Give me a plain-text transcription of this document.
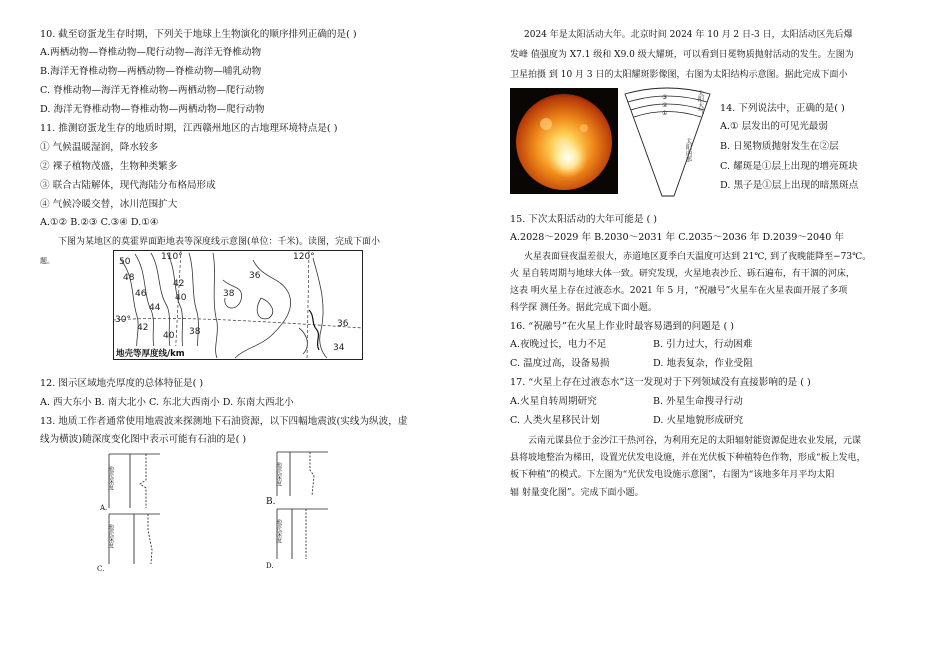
10. 截至窃蛋龙生存时期，下列关于地球上生物演化的顺序排列正确的是( )
A.两栖动物—脊椎动物—爬行动物—海洋无脊椎动物
B.海洋无脊椎动物—两栖动物—脊椎动物—哺乳动物
C. 脊椎动物—海洋无脊椎动物—两栖动物—爬行动物
D. 海洋无脊椎动物—脊椎动物—两栖动物—爬行动物
11. 推测窃蛋龙生存的地质时期，江西赣州地区的古地理环境特点是( )
① 气候温暖湿润，降水较多
② 裸子植物茂盛，生物种类繁多
③ 联合古陆解体，现代海陆分布格局形成
④ 气候冷暖交替，冰川范围扩大
A.①② B.②③ C.③④ D.①④
下图为某地区的莫霍界面距地表等深度线示意图(单位：千米)。读图，完成下面小
题。	50
48
46
44
42
40	38
36
30°
42
40 38
34
110°	120°
36
地壳等厚度线/km
12. 图示区域地壳厚度的总体特征是( )
A. 西大东小 B. 南大北小 C. 东北大西南小 D. 东南大西北小
13. 地质工作者通常使用地震波来探测地下石油资源，以下四幅地震波(实线为纵波，虚
线为横波)随深度变化图中表示可能有石油的是( )
地壳深度
A.
地壳深度
B.
地壳深度
C.
地壳深度
D.
2024 年是太阳活动大年。北京时间 2024 年 10 月 2 日-3 日，太阳活动区先后爆
发峰 值强度为 X7.1 级和 X9.0 级大耀斑，可以看到日冕物质抛射活动的发生。左图为
卫星拍摄 到 10 月 3 日的太阳耀斑影像图，右图为太阳结构示意图。据此完成下面小
③
②
①	太阳大气
太阳内部
14. 下列说法中，正确的是( )
A.① 层发出的可见光最弱
B. 日冕物质抛射发生在②层
C. 耀斑是①层上出现的增亮斑块
D. 黑子是①层上出现的暗黑斑点
15. 下次太阳活动的大年可能是 ( )
A.2028～2029 年 B.2030～2031 年 C.2035～2036 年 D.2039～2040 年
火星表面昼夜温差很大，赤道地区夏季白天温度可达到 21℃, 到了夜晚能降至−73℃。
火 星自转周期与地球大体一致。研究发现，火星地表沙丘、砾石遍布，有干涸的河床，
这表 明火星上存在过液态水。2021 年 5 月，“祝融号”火星车在火星表面开展了多项
科学探 测任务。据此完成下面小题。
16. “祝融号”在火星上作业时最容易遇到的问题是 ( )
A.夜晚过长，电力不足	B. 引力过大，行动困难
C. 温度过高，设备易损	D. 地表复杂，作业受阻
17. “火星上存在过液态水”这一发现对于下列领域没有直接影响的是 ( )
A.火星自转周期研究	B. 外星生命搜寻行动
C. 人类火星移民计划	D. 火星地貌形成研究
云南元谋县位于金沙江干热河谷，为利用充足的太阳辐射能资源促进农业发展，元谋
县将坡地整治为梯田，设置光伏发电设施，并在光伏板下种植特色作物，形成“板上发电，
板下种植”的模式。下左图为“光伏发电设施示意图”，右图为“该地多年月平均太阳
辐 射量变化图”。完成下面小题。
